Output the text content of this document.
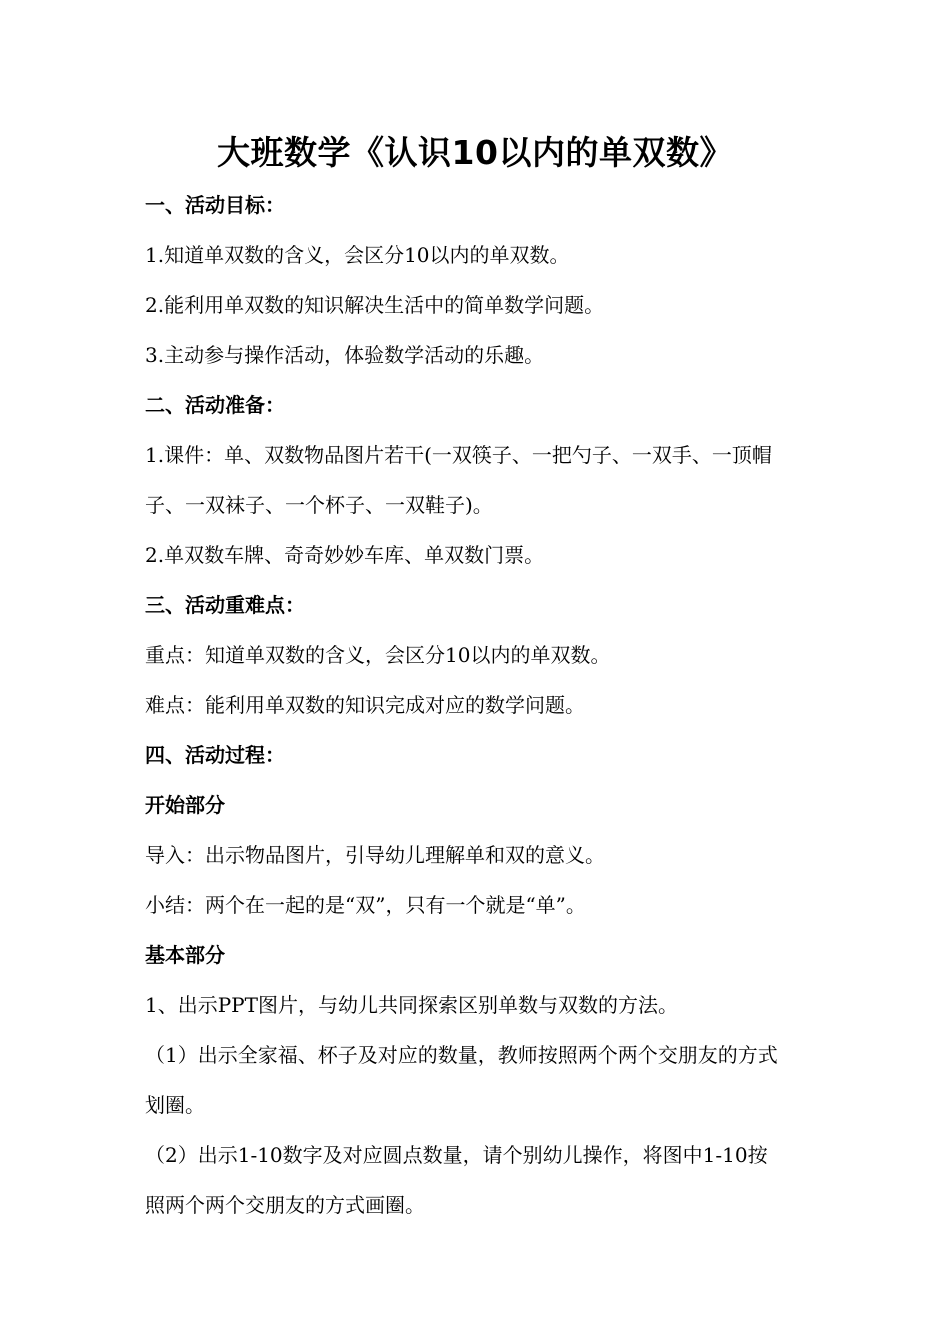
大班数学《认识10以内的单双数》
一、活动目标：
1.知道单双数的含义，会区分10以内的单双数。
2.能利用单双数的知识解决生活中的简单数学问题。
3.主动参与操作活动，体验数学活动的乐趣。
二、活动准备：
1.课件：单、双数物品图片若干(一双筷子、一把勺子、一双手、一顶帽
子、一双袜子、一个杯子、一双鞋子)。
2.单双数车牌、奇奇妙妙车库、单双数门票。
三、活动重难点：
重点：知道单双数的含义，会区分10以内的单双数。
难点：能利用单双数的知识完成对应的数学问题。
四、活动过程：
开始部分
导入：出示物品图片，引导幼儿理解单和双的意义。
小结：两个在一起的是“双”，只有一个就是“单”。
基本部分
1、出示PPT图片，与幼儿共同探索区别单数与双数的方法。
（1）出示全家福、杯子及对应的数量，教师按照两个两个交朋友的方式
划圈。
（2）出示1-10数字及对应圆点数量，请个别幼儿操作，将图中1-10按
照两个两个交朋友的方式画圈。
